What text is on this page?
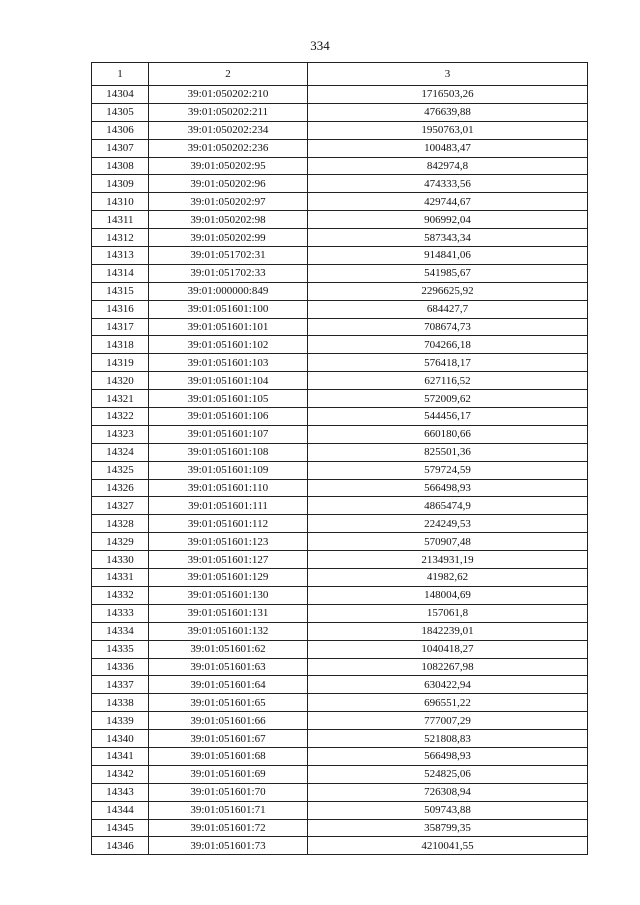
334
1	2	3
14304	39:01:050202:210	1716503,26
14305	39:01:050202:211	476639,88
14306	39:01:050202:234	1950763,01
14307	39:01:050202:236	100483,47
14308	39:01:050202:95	842974,8
14309	39:01:050202:96	474333,56
14310	39:01:050202:97	429744,67
14311	39:01:050202:98	906992,04
14312	39:01:050202:99	587343,34
14313	39:01:051702:31	914841,06
14314	39:01:051702:33	541985,67
14315	39:01:000000:849	2296625,92
14316	39:01:051601:100	684427,7
14317	39:01:051601:101	708674,73
14318	39:01:051601:102	704266,18
14319	39:01:051601:103	576418,17
14320	39:01:051601:104	627116,52
14321	39:01:051601:105	572009,62
14322	39:01:051601:106	544456,17
14323	39:01:051601:107	660180,66
14324	39:01:051601:108	825501,36
14325	39:01:051601:109	579724,59
14326	39:01:051601:110	566498,93
14327	39:01:051601:111	4865474,9
14328	39:01:051601:112	224249,53
14329	39:01:051601:123	570907,48
14330	39:01:051601:127	2134931,19
14331	39:01:051601:129	41982,62
14332	39:01:051601:130	148004,69
14333	39:01:051601:131	157061,8
14334	39:01:051601:132	1842239,01
14335	39:01:051601:62	1040418,27
14336	39:01:051601:63	1082267,98
14337	39:01:051601:64	630422,94
14338	39:01:051601:65	696551,22
14339	39:01:051601:66	777007,29
14340	39:01:051601:67	521808,83
14341	39:01:051601:68	566498,93
14342	39:01:051601:69	524825,06
14343	39:01:051601:70	726308,94
14344	39:01:051601:71	509743,88
14345	39:01:051601:72	358799,35
14346	39:01:051601:73	4210041,55
